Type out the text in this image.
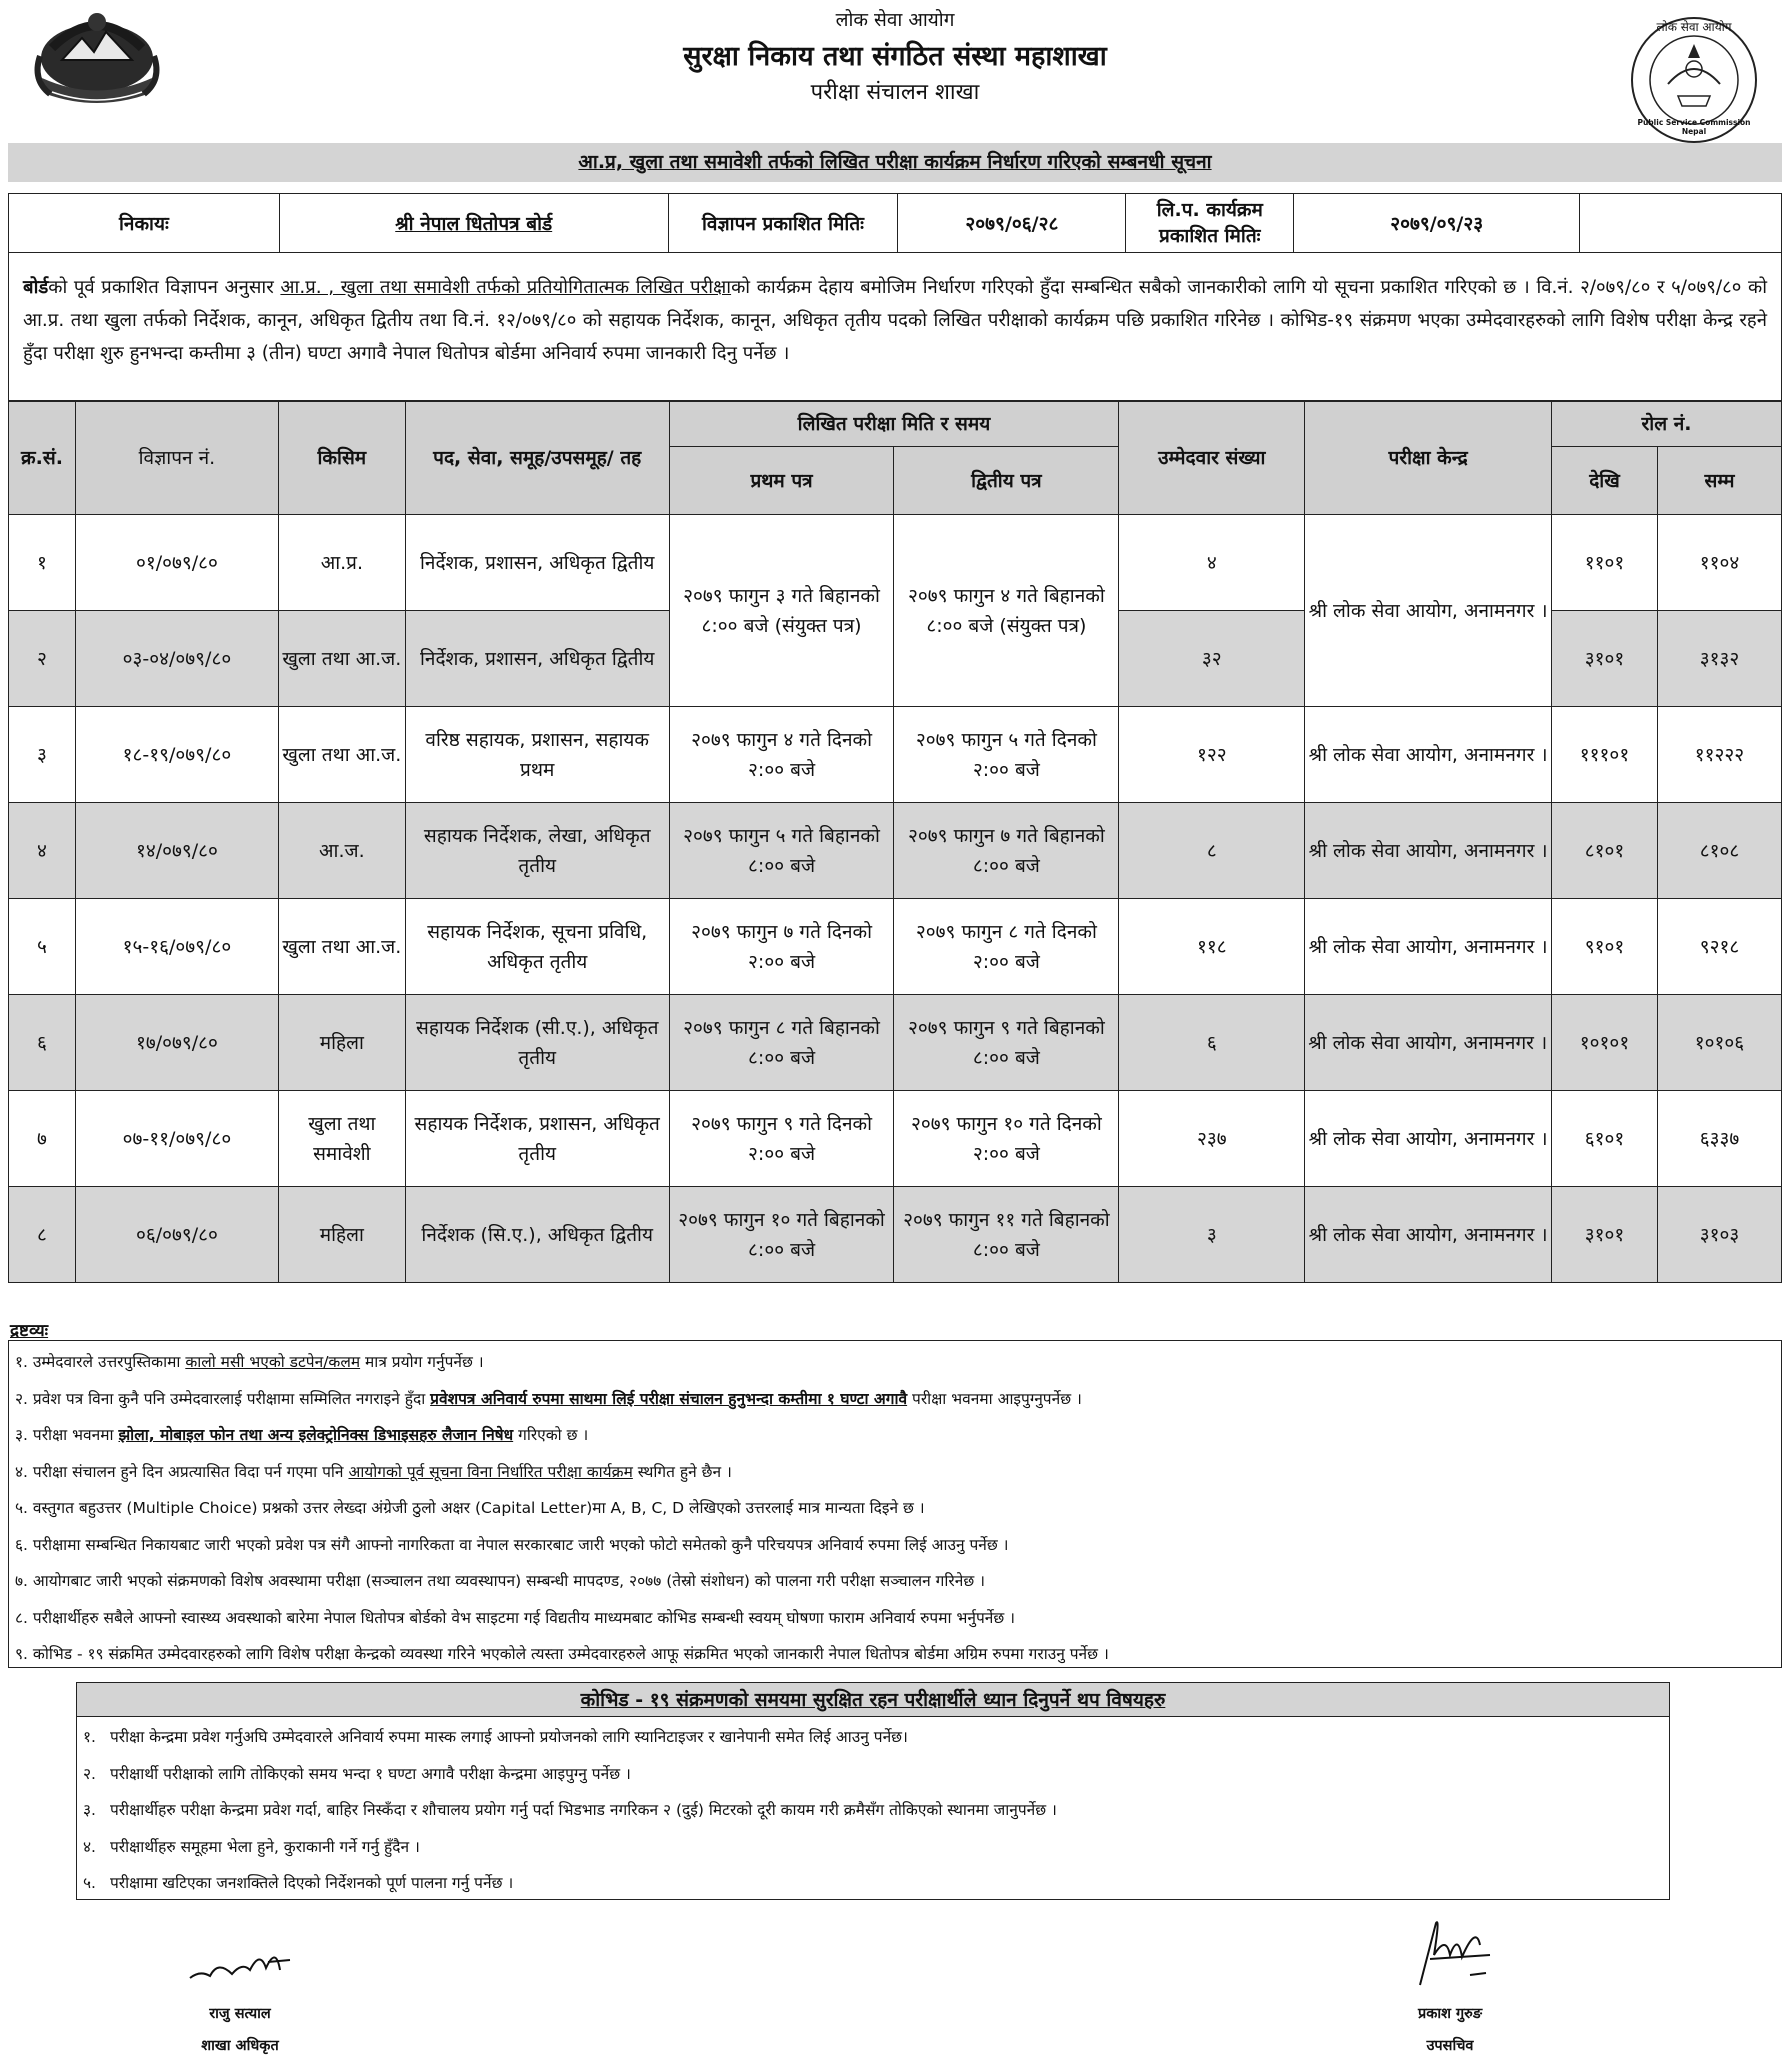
लोक सेवा आयोग
Public Service Commission Nepal
लोक सेवा आयोग
सुरक्षा निकाय तथा संगठित संस्था महाशाखा
परीक्षा संचालन शाखा
आ.प्र, खुला तथा समावेशी तर्फको लिखित परीक्षा कार्यक्रम निर्धारण गरिएको सम्बनधी सूचना
निकायः	श्री नेपाल धितोपत्र बोर्ड	विज्ञापन प्रकाशित मितिः	२०७९/०६/२८	
लि.प. कार्यक्रम
प्रकाशित मितिः
	२०७९/०९/२३	
बोर्डको पूर्व प्रकाशित विज्ञापन अनुसार आ.प्र. , खुला तथा समावेशी तर्फको प्रतियोगितात्मक लिखित परीक्षाको कार्यक्रम देहाय बमोजिम निर्धारण गरिएको हुँदा सम्बन्धित सबैको जानकारीको लागि यो सूचना प्रकाशित गरिएको छ । वि.नं. २/०७९/८० र ५/०७९/८० को आ.प्र. तथा खुला तर्फको निर्देशक, कानून, अधिकृत द्वितीय तथा वि.नं. १२/०७९/८० को सहायक निर्देशक, कानून, अधिकृत तृतीय पदको लिखित परीक्षाको कार्यक्रम पछि प्रकाशित गरिनेछ । कोभिड-१९ संक्रमण भएका उम्मेदवारहरुको लागि विशेष परीक्षा केन्द्र रहने हुँदा परीक्षा शुरु हुनभन्दा कम्तीमा ३ (तीन) घण्टा अगावै नेपाल धितोपत्र बोर्डमा अनिवार्य रुपमा जानकारी दिनु पर्नेछ ।
क्र.सं.	विज्ञापन नं.	किसिम	पद, सेवा, समूह/उपसमूह/ तह	लिखित परीक्षा मिति र समय		उम्मेदवार संख्या	परीक्षा केन्द्र	रोल नं.	
				प्रथम पत्र	द्वितीय पत्र			देखि	सम्म
१	०१/०७९/८०	आ.प्र.	निर्देशक, प्रशासन, अधिकृत द्वितीय	२०७९ फागुन ३ गते बिहानको ८:०० बजे (संयुक्त पत्र)	२०७९ फागुन ४ गते बिहानको ८:०० बजे (संयुक्त पत्र)	४	श्री लोक सेवा आयोग, अनामनगर ।	११०१	११०४
२	०३-०४/०७९/८०	खुला तथा आ.ज.	निर्देशक, प्रशासन, अधिकृत द्वितीय			३२		३१०१	३१३२
३	१८-१९/०७९/८०	खुला तथा आ.ज.	वरिष्ठ सहायक, प्रशासन, सहायक प्रथम	२०७९ फागुन ४ गते दिनको २:०० बजे	२०७९ फागुन ५ गते दिनको २:०० बजे	१२२	श्री लोक सेवा आयोग, अनामनगर ।	१११०१	११२२२
४	१४/०७९/८०	आ.ज.	सहायक निर्देशक, लेखा, अधिकृत तृतीय	२०७९ फागुन ५ गते बिहानको ८:०० बजे	२०७९ फागुन ७ गते बिहानको ८:०० बजे	८	श्री लोक सेवा आयोग, अनामनगर ।	८१०१	८१०८
५	१५-१६/०७९/८०	खुला तथा आ.ज.	सहायक निर्देशक, सूचना प्रविधि, अधिकृत तृतीय	२०७९ फागुन ७ गते दिनको २:०० बजे	२०७९ फागुन ८ गते दिनको २:०० बजे	११८	श्री लोक सेवा आयोग, अनामनगर ।	९१०१	९२१८
६	१७/०७९/८०	महिला	सहायक निर्देशक (सी.ए.), अधिकृत तृतीय	२०७९ फागुन ८ गते बिहानको ८:०० बजे	२०७९ फागुन ९ गते बिहानको ८:०० बजे	६	श्री लोक सेवा आयोग, अनामनगर ।	१०१०१	१०१०६
७	०७-११/०७९/८०	खुला तथा समावेशी	सहायक निर्देशक, प्रशासन, अधिकृत तृतीय	२०७९ फागुन ९ गते दिनको २:०० बजे	२०७९ फागुन १० गते दिनको २:०० बजे	२३७	श्री लोक सेवा आयोग, अनामनगर ।	६१०१	६३३७
८	०६/०७९/८०	महिला	निर्देशक (सि.ए.), अधिकृत द्वितीय	२०७९ फागुन १० गते बिहानको ८:०० बजे	२०७९ फागुन ११ गते बिहानको ८:०० बजे	३	श्री लोक सेवा आयोग, अनामनगर ।	३१०१	३१०३
द्रष्टव्यः
१. उम्मेदवारले उत्तरपुस्तिकामा कालो मसी भएको डटपेन/कलम मात्र प्रयोग गर्नुपर्नेछ ।
२. प्रवेश पत्र विना कुनै पनि उम्मेदवारलाई परीक्षामा सम्मिलित नगराइने हुँदा प्रवेशपत्र अनिवार्य रुपमा साथमा लिई परीक्षा संचालन हुनुभन्दा कम्तीमा १ घण्टा अगावै परीक्षा भवनमा आइपुग्नुपर्नेछ ।
३. परीक्षा भवनमा झोला, मोबाइल फोन तथा अन्य इलेक्ट्रोनिक्स डिभाइसहरु लैजान निषेध गरिएको छ ।
४. परीक्षा संचालन हुने दिन अप्रत्यासित विदा पर्न गएमा पनि आयोगको पूर्व सूचना विना निर्धारित परीक्षा कार्यक्रम स्थगित हुने छैन ।
५. वस्तुगत बहुउत्तर (Multiple Choice) प्रश्नको उत्तर लेख्दा अंग्रेजी ठुलो अक्षर (Capital Letter)मा A, B, C, D लेखिएको उत्तरलाई मात्र मान्यता दिइने छ ।
६. परीक्षामा सम्बन्धित निकायबाट जारी भएको प्रवेश पत्र संगै आफ्नो नागरिकता वा नेपाल सरकारबाट जारी भएको फोटो समेतको कुनै परिचयपत्र अनिवार्य रुपमा लिई आउनु पर्नेछ ।
७. आयोगबाट जारी भएको संक्रमणको विशेष अवस्थामा परीक्षा (सञ्चालन तथा व्यवस्थापन) सम्बन्धी मापदण्ड, २०७७ (तेस्रो संशोधन) को पालना गरी परीक्षा सञ्चालन गरिनेछ ।
८. परीक्षार्थीहरु सबैले आफ्नो स्वास्थ्य अवस्थाको बारेमा नेपाल धितोपत्र बोर्डको वेभ साइटमा गई विद्यतीय माध्यमबाट कोभिड सम्बन्धी स्वयम् घोषणा फाराम अनिवार्य रुपमा भर्नुपर्नेछ ।
९. कोभिड - १९ संक्रमित उम्मेदवारहरुको लागि विशेष परीक्षा केन्द्रको व्यवस्था गरिने भएकोले त्यस्ता उम्मेदवारहरुले आफू संक्रमित भएको जानकारी नेपाल धितोपत्र बोर्डमा अग्रिम रुपमा गराउनु पर्नेछ ।
कोभिड - १९ संक्रमणको समयमा सुरक्षित रहन परीक्षार्थीले ध्यान दिनुपर्ने थप विषयहरु
१. परीक्षा केन्द्रमा प्रवेश गर्नुअघि उम्मेदवारले अनिवार्य रुपमा मास्क लगाई आफ्नो प्रयोजनको लागि स्यानिटाइजर र खानेपानी समेत लिई आउनु पर्नेछ।
२. परीक्षार्थी परीक्षाको लागि तोकिएको समय भन्दा १ घण्टा अगावै परीक्षा केन्द्रमा आइपुग्नु पर्नेछ ।
३. परीक्षार्थीहरु परीक्षा केन्द्रमा प्रवेश गर्दा, बाहिर निस्कँदा र शौचालय प्रयोग गर्नु पर्दा भिडभाड नगरिकन २ (दुई) मिटरको दूरी कायम गरी क्रमैसँग तोकिएको स्थानमा जानुपर्नेछ ।
४. परीक्षार्थीहरु समूहमा भेला हुने, कुराकानी गर्ने गर्नु हुँदैन ।
५. परीक्षामा खटिएका जनशक्तिले दिएको निर्देशनको पूर्ण पालना गर्नु पर्नेछ ।
राजु सत्याल
शाखा अधिकृत
प्रकाश गुरुङ
उपसचिव
